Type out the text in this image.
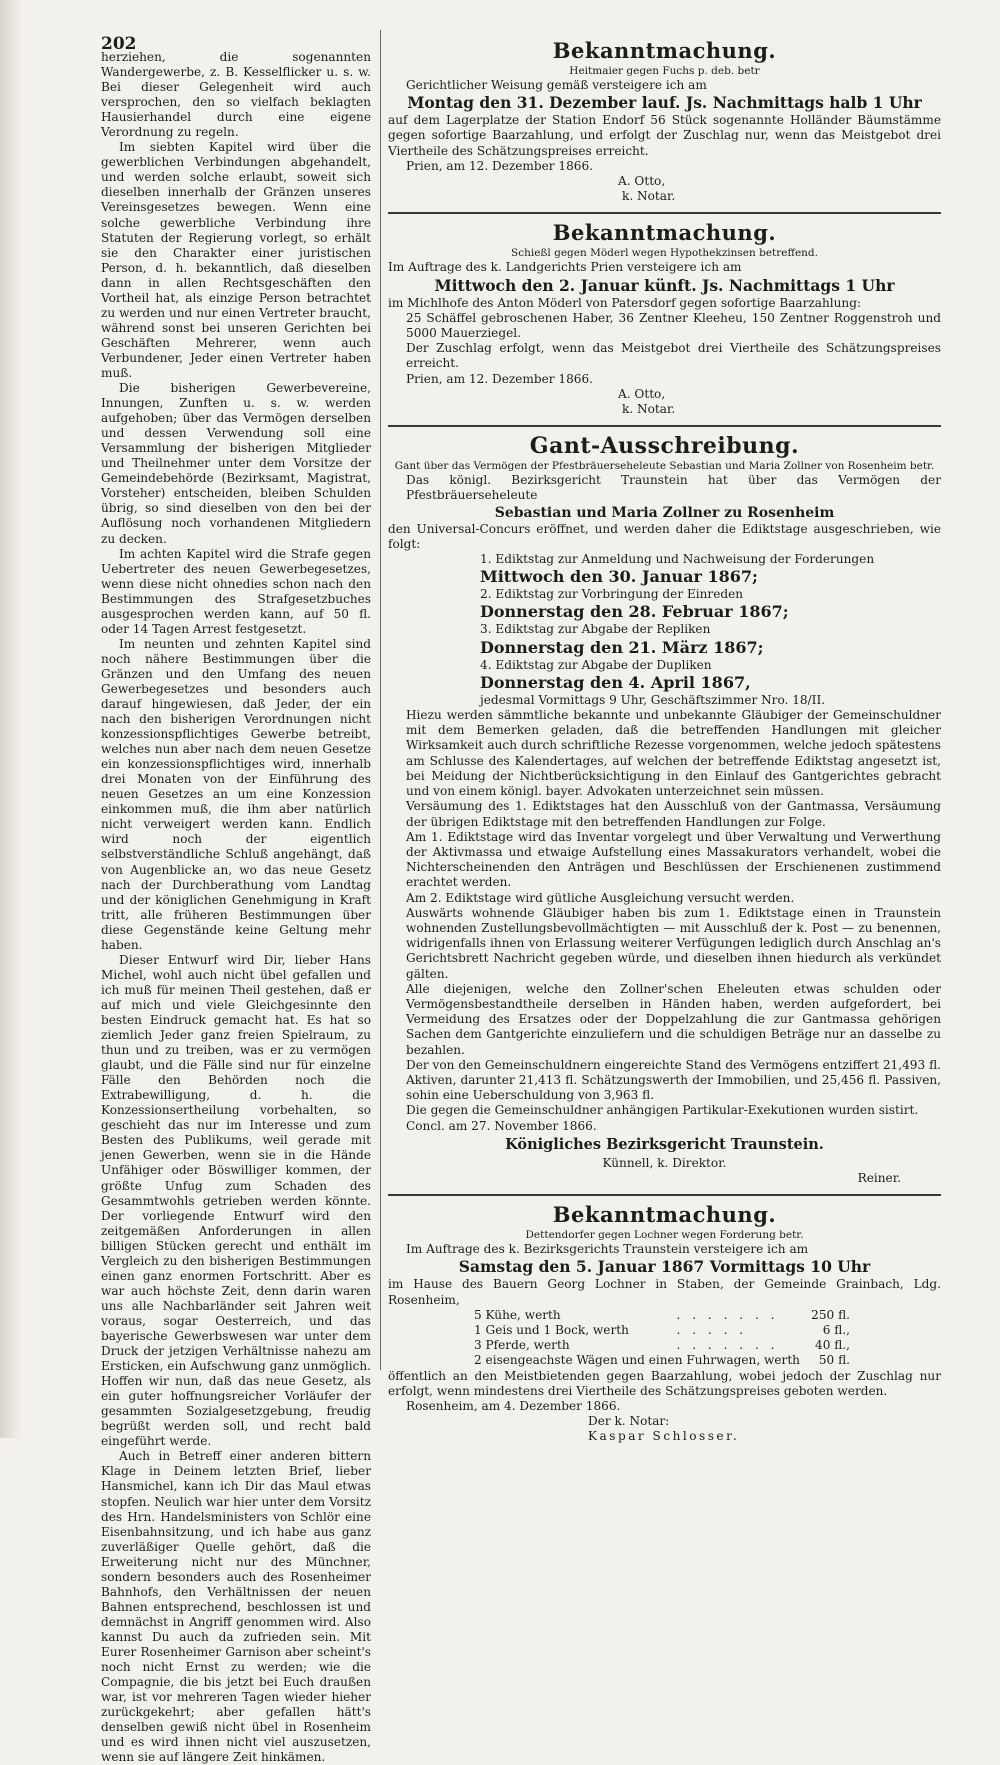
202

herziehen, die sogenannten Wandergewerbe, z. B. Kesselflicker u. s. w. Bei dieser Gelegenheit wird auch versprochen, den so vielfach beklagten Hausierhandel durch eine eigene Verordnung zu regeln.

Im siebten Kapitel wird über die gewerblichen Verbindungen abgehandelt, und werden solche erlaubt, soweit sich dieselben innerhalb der Gränzen unseres Vereinsgesetzes bewegen. Wenn eine solche gewerbliche Verbindung ihre Statuten der Regierung vorlegt, so erhält sie den Charakter einer juristischen Person, d. h. bekanntlich, daß dieselben dann in allen Rechtsgeschäften den Vortheil hat, als einzige Person betrachtet zu werden und nur einen Vertreter braucht, während sonst bei unseren Gerichten bei Geschäften Mehrerer, wenn auch Verbundener, Jeder einen Vertreter haben muß.

Die bisherigen Gewerbevereine, Innungen, Zunften u. s. w. werden aufgehoben; über das Vermögen derselben und dessen Verwendung soll eine Versammlung der bisherigen Mitglieder und Theilnehmer unter dem Vorsitze der Gemeindebehörde (Bezirksamt, Magistrat, Vorsteher) entscheiden, bleiben Schulden übrig, so sind dieselben von den bei der Auflösung noch vorhandenen Mitgliedern zu decken.

Im achten Kapitel wird die Strafe gegen Uebertreter des neuen Gewerbegesetzes, wenn diese nicht ohnedies schon nach den Bestimmungen des Strafgesetzbuches ausgesprochen werden kann, auf 50 fl. oder 14 Tagen Arrest festgesetzt.

Im neunten und zehnten Kapitel sind noch nähere Bestimmungen über die Gränzen und den Umfang des neuen Gewerbegesetzes und besonders auch darauf hingewiesen, daß Jeder, der ein nach den bisherigen Verordnungen nicht konzessionspflichtiges Gewerbe betreibt, welches nun aber nach dem neuen Gesetze ein konzessionspflichtiges wird, innerhalb drei Monaten von der Einführung des neuen Gesetzes an um eine Konzession einkommen muß, die ihm aber natürlich nicht verweigert werden kann. Endlich wird noch der eigentlich selbstverständliche Schluß angehängt, daß von Augenblicke an, wo das neue Gesetz nach der Durchberathung vom Landtag und der königlichen Genehmigung in Kraft tritt, alle früheren Bestimmungen über diese Gegenstände keine Geltung mehr haben.

Dieser Entwurf wird Dir, lieber Hans Michel, wohl auch nicht übel gefallen und ich muß für meinen Theil gestehen, daß er auf mich und viele Gleichgesinnte den besten Eindruck gemacht hat. Es hat so ziemlich Jeder ganz freien Spielraum, zu thun und zu treiben, was er zu vermögen glaubt, und die Fälle sind nur für einzelne Fälle den Behörden noch die Extrabewilligung, d. h. die Konzessionsertheilung vorbehalten, so geschieht das nur im Interesse und zum Besten des Publikums, weil gerade mit jenen Gewerben, wenn sie in die Hände Unfähiger oder Böswilliger kommen, der größte Unfug zum Schaden des Gesammtwohls getrieben werden könnte. Der vorliegende Entwurf wird den zeitgemäßen Anforderungen in allen billigen Stücken gerecht und enthält im Vergleich zu den bisherigen Bestimmungen einen ganz enormen Fortschritt. Aber es war auch höchste Zeit, denn darin waren uns alle Nachbarländer seit Jahren weit voraus, sogar Oesterreich, und das bayerische Gewerbswesen war unter dem Druck der jetzigen Verhältnisse nahezu am Ersticken, ein Aufschwung ganz unmöglich. Hoffen wir nun, daß das neue Gesetz, als ein guter hoffnungsreicher Vorläufer der gesammten Sozialgesetzgebung, freudig begrüßt werden soll, und recht bald eingeführt werde.

Auch in Betreff einer anderen bittern Klage in Deinem letzten Brief, lieber Hansmichel, kann ich Dir das Maul etwas stopfen. Neulich war hier unter dem Vorsitz des Hrn. Handelsministers von Schlör eine Eisenbahnsitzung, und ich habe aus ganz zuverläßiger Quelle gehört, daß die Erweiterung nicht nur des Münchner, sondern besonders auch des Rosenheimer Bahnhofs, den Verhältnissen der neuen Bahnen entsprechend, beschlossen ist und demnächst in Angriff genommen wird. Also kannst Du auch da zufrieden sein. Mit Eurer Rosenheimer Garnison aber scheint's noch nicht Ernst zu werden; wie die Compagnie, die bis jetzt bei Euch draußen war, ist vor mehreren Tagen wieder hieher zurückgekehrt; aber gefallen hätt's denselben gewiß nicht übel in Rosenheim und es wird ihnen nicht viel auszusetzen, wenn sie auf längere Zeit hinkämen.

Bekanntmachung.
Heitmaier gegen Fuchs p. deb. betr
Gerichtlicher Weisung gemäß versteigere ich am
Montag den 31. Dezember lauf. Js. Nachmittags halb 1 Uhr
auf dem Lagerplatze der Station Endorf 56 Stück sogenannte Holländer Bäumstämme gegen sofortige Baarzahlung, und erfolgt der Zuschlag nur, wenn das Meistgebot drei Viertheile des Schätzungspreises erreicht.
Prien, am 12. Dezember 1866.
A. Otto,
k. Notar.
Bekanntmachung.
Schießl gegen Möderl wegen Hypothekzinsen betreffend.
Im Auftrage des k. Landgerichts Prien versteigere ich am
Mittwoch den 2. Januar künft. Js. Nachmittags 1 Uhr
im Michlhofe des Anton Möderl von Patersdorf gegen sofortige Baarzahlung:
25 Schäffel gebroschenen Haber, 36 Zentner Kleeheu, 150 Zentner Roggenstroh und 5000 Mauerziegel.
Der Zuschlag erfolgt, wenn das Meistgebot drei Viertheile des Schätzungspreises erreicht.
Prien, am 12. Dezember 1866.
A. Otto,
k. Notar.
Gant-Ausschreibung.
Gant über das Vermögen der Pfestbräuerseheleute Sebastian und Maria Zollner von Rosenheim betr.
Das königl. Bezirksgericht Traunstein hat über das Vermögen der Pfestbräuerseheleute
Sebastian und Maria Zollner zu Rosenheim
den Universal-Concurs eröffnet, und werden daher die Ediktstage ausgeschrieben, wie folgt:
1. Ediktstag zur Anmeldung und Nachweisung der Forderungen
Mittwoch den 30. Januar 1867;
2. Ediktstag zur Vorbringung der Einreden
Donnerstag den 28. Februar 1867;
3. Ediktstag zur Abgabe der Repliken
Donnerstag den 21. März 1867;
4. Ediktstag zur Abgabe der Dupliken
Donnerstag den 4. April 1867,
jedesmal Vormittags 9 Uhr, Geschäftszimmer Nro. 18/II.
Hiezu werden sämmtliche bekannte und unbekannte Gläubiger der Gemeinschuldner mit dem Bemerken geladen, daß die betreffenden Handlungen mit gleicher Wirksamkeit auch durch schriftliche Rezesse vorgenommen, welche jedoch spätestens am Schlusse des Kalendertages, auf welchen der betreffende Ediktstag angesetzt ist, bei Meidung der Nichtberücksichtigung in den Einlauf des Gantgerichtes gebracht und von einem königl. bayer. Advokaten unterzeichnet sein müssen.
Versäumung des 1. Ediktstages hat den Ausschluß von der Gantmassa, Versäumung der übrigen Ediktstage mit den betreffenden Handlungen zur Folge.
Am 1. Ediktstage wird das Inventar vorgelegt und über Verwaltung und Verwerthung der Aktivmassa und etwaige Aufstellung eines Massakurators verhandelt, wobei die Nichterscheinenden den Anträgen und Beschlüssen der Erschienenen zustimmend erachtet werden.
Am 2. Ediktstage wird gütliche Ausgleichung versucht werden.
Auswärts wohnende Gläubiger haben bis zum 1. Ediktstage einen in Traunstein wohnenden Zustellungsbevollmächtigten — mit Ausschluß der k. Post — zu benennen, widrigenfalls ihnen von Erlassung weiterer Verfügungen lediglich durch Anschlag an's Gerichtsbrett Nachricht gegeben würde, und dieselben ihnen hiedurch als verkündet gälten.
Alle diejenigen, welche den Zollner'schen Eheleuten etwas schulden oder Vermögensbestandtheile derselben in Händen haben, werden aufgefordert, bei Vermeidung des Ersatzes oder der Doppelzahlung die zur Gantmassa gehörigen Sachen dem Gantgerichte einzuliefern und die schuldigen Beträge nur an dasselbe zu bezahlen.
Der von den Gemeinschuldnern eingereichte Stand des Vermögens entziffert 21,493 fl. Aktiven, darunter 21,413 fl. Schätzungswerth der Immobilien, und 25,456 fl. Passiven, sohin eine Ueberschuldung von 3,963 fl.
Die gegen die Gemeinschuldner anhängigen Partikular-Exekutionen wurden sistirt.
Concl. am 27. November 1866.
Königliches Bezirksgericht Traunstein.
Künnell, k. Direktor.
Reiner.
Bekanntmachung.
Dettendorfer gegen Lochner wegen Forderung betr.
Im Auftrage des k. Bezirksgerichts Traunstein versteigere ich am
Samstag den 5. Januar 1867 Vormittags 10 Uhr
im Hause des Bauern Georg Lochner in Staben, der Gemeinde Grainbach, Ldg. Rosenheim,
5 Kühe, werth	. . . . . . .	250 fl.
1 Geis und 1 Bock, werth	. . . . .	6 fl.,
3 Pferde, werth	. . . . . . .	40 fl.,
2 eisengeachste Wägen und einen Fuhrwagen, werth		50 fl.
öffentlich an den Meistbietenden gegen Baarzahlung, wobei jedoch der Zuschlag nur erfolgt, wenn mindestens drei Viertheile des Schätzungspreises geboten werden.
Rosenheim, am 4. Dezember 1866.
Der k. Notar:
Kaspar Schlosser.
